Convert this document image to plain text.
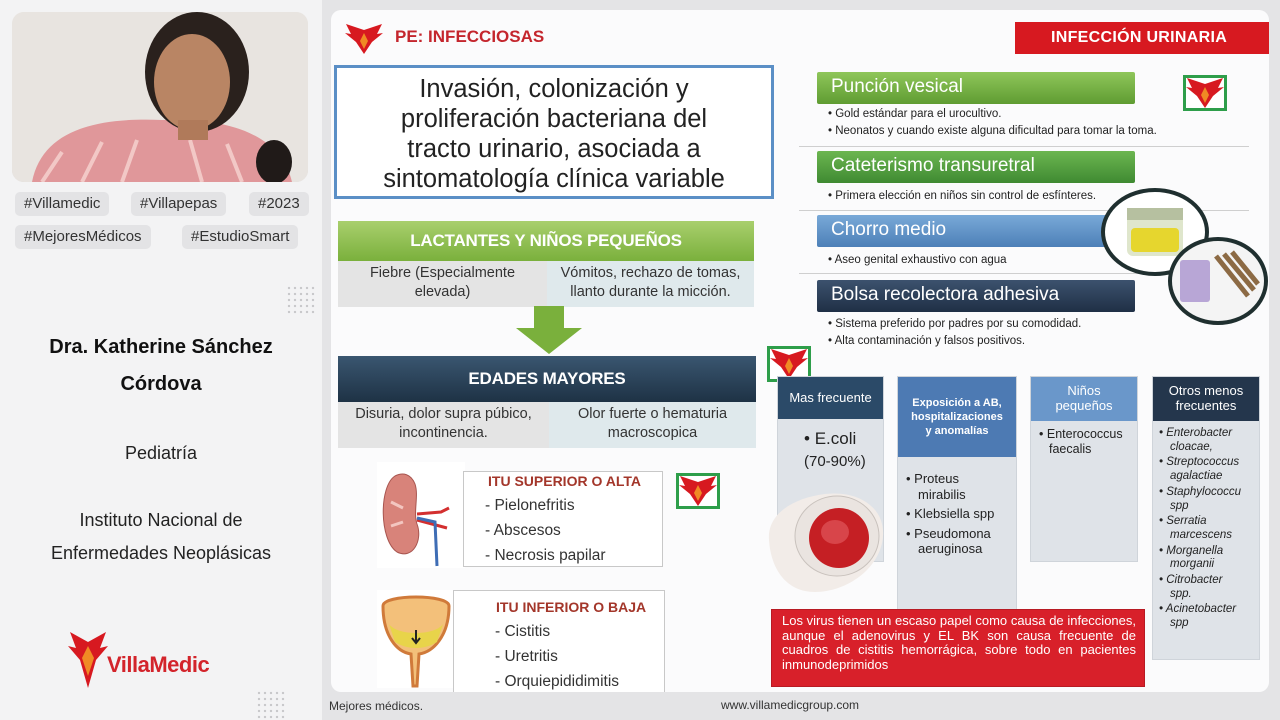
#Villamedic	#Villapepas	#2023
#MejoresMédicos	#EstudioSmart
Dra. Katherine Sánchez
Córdova
Pediatría
Instituto Nacional de
Enfermedades Neoplásicas
VillaMedic
PE: INFECCIOSAS	INFECCIÓN URINARIA
Invasión, colonización y
proliferación bacteriana del
tracto urinario, asociada a
sintomatología clínica variable
LACTANTES Y NIÑOS PEQUEÑOS
Fiebre (Especialmente
elevada)
Vómitos, rechazo de tomas,
llanto durante la micción.
EDADES MAYORES
Disuria, dolor supra púbico,
incontinencia.
Olor fuerte o hematuria
macroscopica
ITU SUPERIOR O ALTA
- Pielonefritis
- Abscesos
- Necrosis papilar
ITU INFERIOR O BAJA
- Cistitis
- Uretritis
- Orquiepididimitis
Punción vesical
• Gold estándar para el urocultivo.
• Neonatos y cuando existe alguna dificultad para tomar la toma.
Cateterismo transuretral
• Primera elección en niños sin control de esfínteres.
Chorro medio
• Aseo genital exhaustivo con agua
Bolsa recolectora adhesiva
• Sistema preferido por padres por su comodidad.
• Alta contaminación y falsos positivos.
Mas frecuente
• E.coli
(70-90%)
Exposición a AB,
hospitalizaciones
y anomalías
• Proteus
mirabilis
• Klebsiella spp
• Pseudomona
aeruginosa
Niños
pequeños
• Enterococcus
faecalis
Otros menos
frecuentes
• Enterobacter
cloacae,
• Streptococcus
agalactiae
• Staphylococcu
spp
• Serratia
marcescens
• Morganella
morganii
• Citrobacter
spp.
• Acinetobacter
spp
Los virus tienen un escaso papel como causa de infecciones, aunque el adenovirus y EL BK son causa frecuente de cuadros de cistitis hemorrágica, sobre todo en pacientes inmunodeprimidos
Mejores médicos.	www.villamedicgroup.com
